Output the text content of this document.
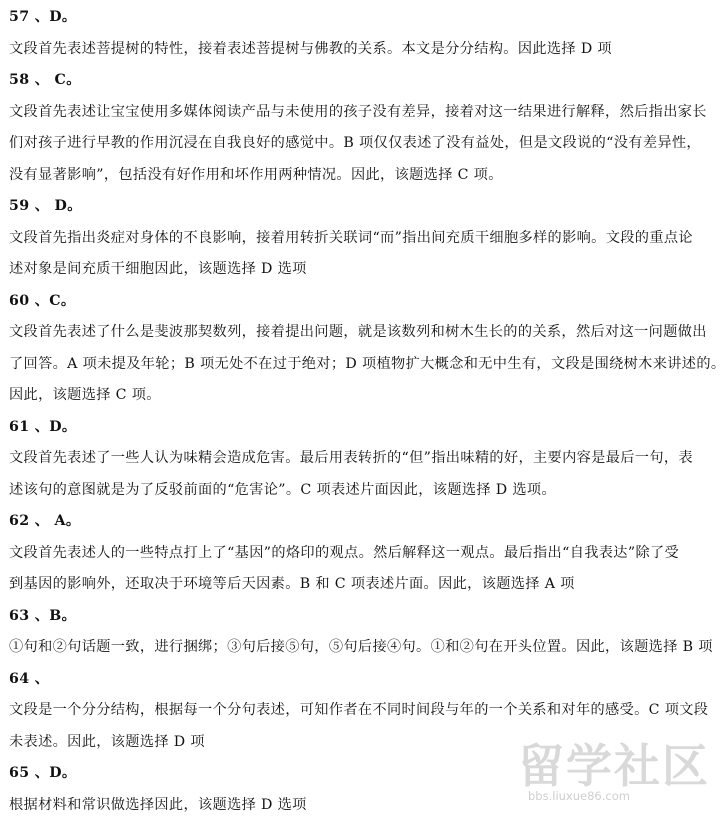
57 、D。
文段首先表述菩提树的特性，接着表述菩提树与佛教的关系。本文是分分结构。因此选择 D 项
58 、 C。
文段首先表述让宝宝使用多媒体阅读产品与未使用的孩子没有差异，接着对这一结果进行解释，然后指出家长
们对孩子进行早教的作用沉浸在自我良好的感觉中。B 项仅仅表述了没有益处，但是文段说的“没有差异性，
没有显著影响”，包括没有好作用和坏作用两种情况。因此，该题选择 C 项。
59 、 D。
文段首先指出炎症对身体的不良影响，接着用转折关联词“而”指出间充质干细胞多样的影响。文段的重点论
述对象是间充质干细胞因此，该题选择 D 选项
60 、C。
文段首先表述了什么是斐波那契数列，接着提出问题，就是该数列和树木生长的的关系，然后对这一问题做出
了回答。A 项未提及年轮；B 项无处不在过于绝对；D 项植物扩大概念和无中生有，文段是围绕树木来讲述的。
因此，该题选择 C 项。
61 、D。
文段首先表述了一些人认为味精会造成危害。最后用表转折的“但”指出味精的好，主要内容是最后一句，表
述该句的意图就是为了反驳前面的“危害论”。C 项表述片面因此，该题选择 D 选项。
62 、 A。
文段首先表述人的一些特点打上了“基因”的烙印的观点。然后解释这一观点。最后指出“自我表达”除了受
到基因的影响外，还取决于环境等后天因素。B 和 C 项表述片面。因此，该题选择 A 项
63 、B。
①句和②句话题一致，进行捆绑；③句后接⑤句，⑤句后接④句。①和②句在开头位置。因此，该题选择 B 项
64 、
文段是一个分分结构，根据每一个分句表述，可知作者在不同时间段与年的一个关系和对年的感受。C 项文段
未表述。因此，该题选择 D 项
65 、D。
根据材料和常识做选择因此，该题选择 D 选项
留学社区
bbs.liuxue86.com
